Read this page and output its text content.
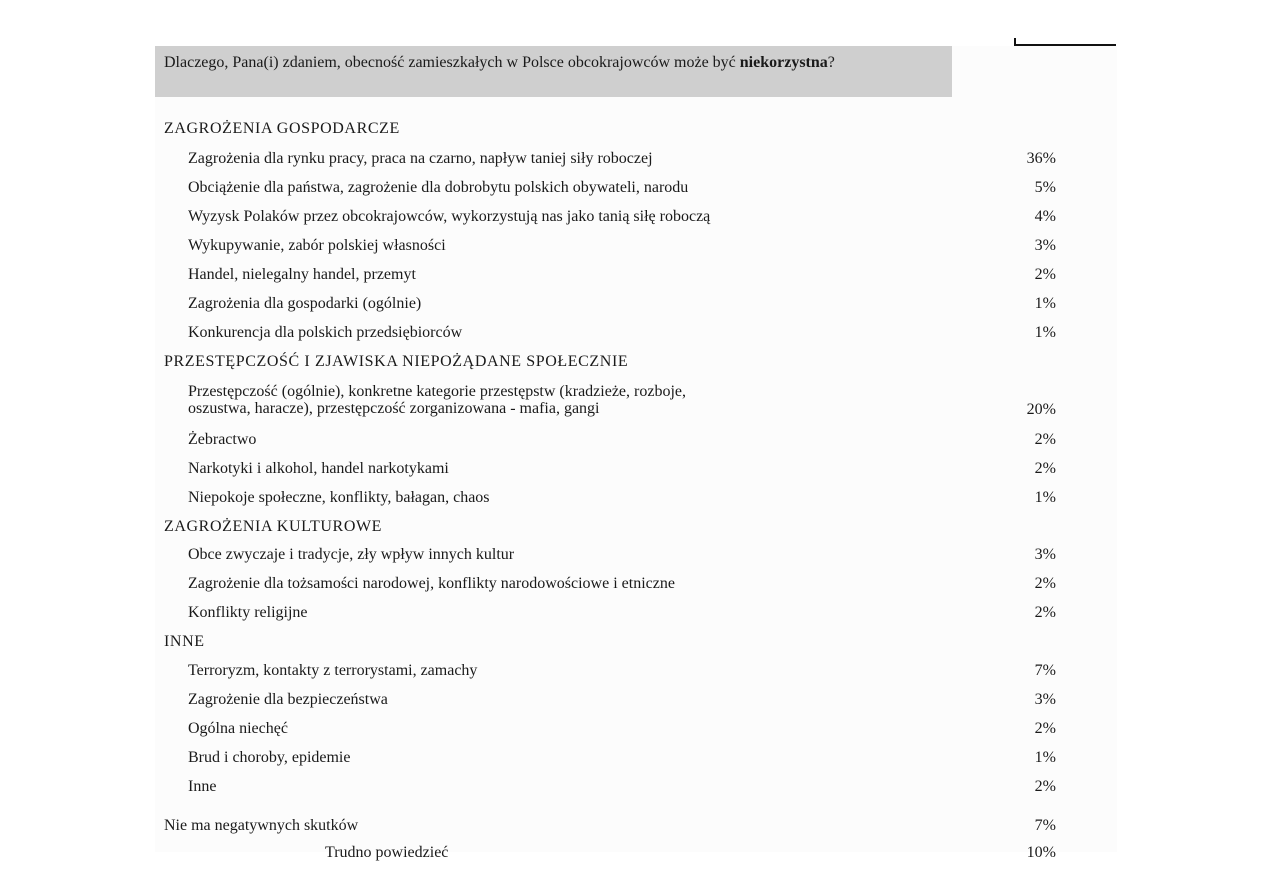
Dlaczego, Pana(i) zdaniem, obecność zamieszkałych w Polsce obcokrajowców może być niekorzystna?
ZAGROŻENIA GOSPODARCZE
Zagrożenia dla rynku pracy, praca na czarno, napływ taniej siły roboczej	36%
Obciążenie dla państwa, zagrożenie dla dobrobytu polskich obywateli, narodu	5%
Wyzysk Polaków przez obcokrajowców, wykorzystują nas jako tanią siłę roboczą	4%
Wykupywanie, zabór polskiej własności	3%
Handel, nielegalny handel, przemyt	2%
Zagrożenia dla gospodarki (ogólnie)	1%
Konkurencja dla polskich przedsiębiorców	1%
PRZESTĘPCZOŚĆ I ZJAWISKA NIEPOŻĄDANE SPOŁECZNIE
Przestępczość (ogólnie), konkretne kategorie przestępstw (kradzieże, rozboje,
oszustwa, haracze), przestępczość zorganizowana - mafia, gangi	20%
Żebractwo	2%
Narkotyki i alkohol, handel narkotykami	2%
Niepokoje społeczne, konflikty, bałagan, chaos	1%
ZAGROŻENIA KULTUROWE
Obce zwyczaje i tradycje, zły wpływ innych kultur	3%
Zagrożenie dla tożsamości narodowej, konflikty narodowościowe i etniczne	2%
Konflikty religijne	2%
INNE
Terroryzm, kontakty z terrorystami, zamachy	7%
Zagrożenie dla bezpieczeństwa	3%
Ogólna niechęć	2%
Brud i choroby, epidemie	1%
Inne	2%
Nie ma negatywnych skutków	7%
Trudno powiedzieć	10%
